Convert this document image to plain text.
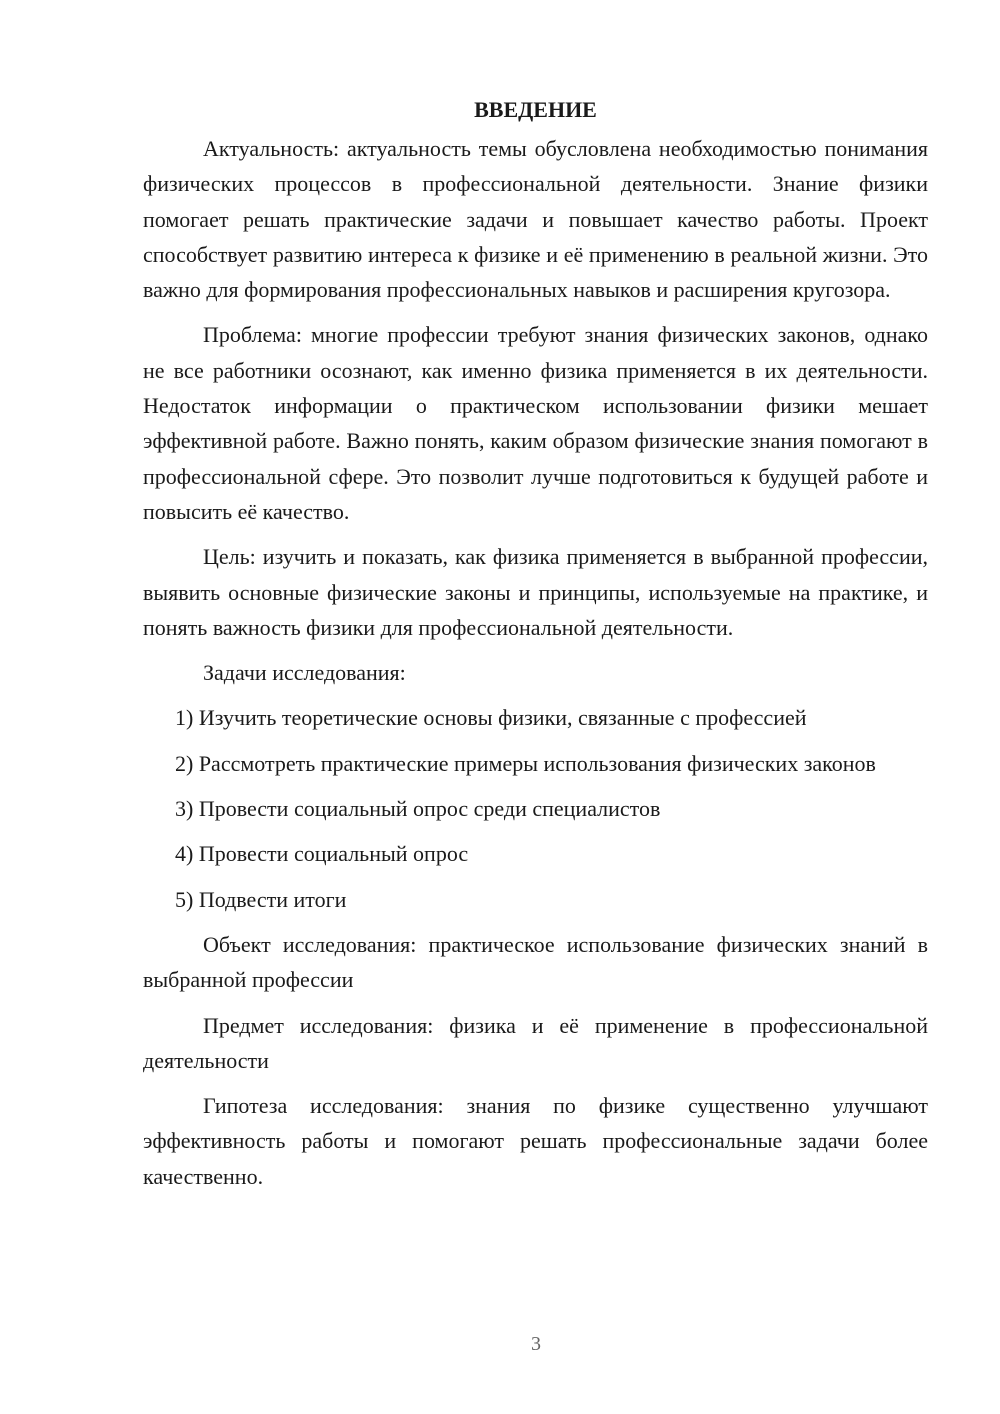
ВВЕДЕНИЕ

Актуальность: актуальность темы обусловлена необходимостью понимания физических процессов в профессиональной деятельности. Знание физики помогает решать практические задачи и повышает качество работы. Проект способствует развитию интереса к физике и её применению в реальной жизни. Это важно для формирования профессиональных навыков и расширения кругозора.

Проблема: многие профессии требуют знания физических законов, однако не все работники осознают, как именно физика применяется в их деятельности. Недостаток информации о практическом использовании физики мешает эффективной работе. Важно понять, каким образом физические знания помогают в профессиональной сфере. Это позволит лучше подготовиться к будущей работе и повысить её качество.

Цель: изучить и показать, как физика применяется в выбранной профессии, выявить основные физические законы и принципы, используемые на практике, и понять важность физики для профессиональной деятельности.

Задачи исследования:

1) Изучить теоретические основы физики, связанные с профессией

2) Рассмотреть практические примеры использования физических законов

3) Провести социальный опрос среди специалистов

4) Провести социальный опрос

5) Подвести итоги

Объект исследования: практическое использование физических знаний в выбранной профессии

Предмет исследования: физика и её применение в профессиональной деятельности

Гипотеза исследования: знания по физике существенно улучшают эффективность работы и помогают решать профессиональные задачи более качественно.

3
